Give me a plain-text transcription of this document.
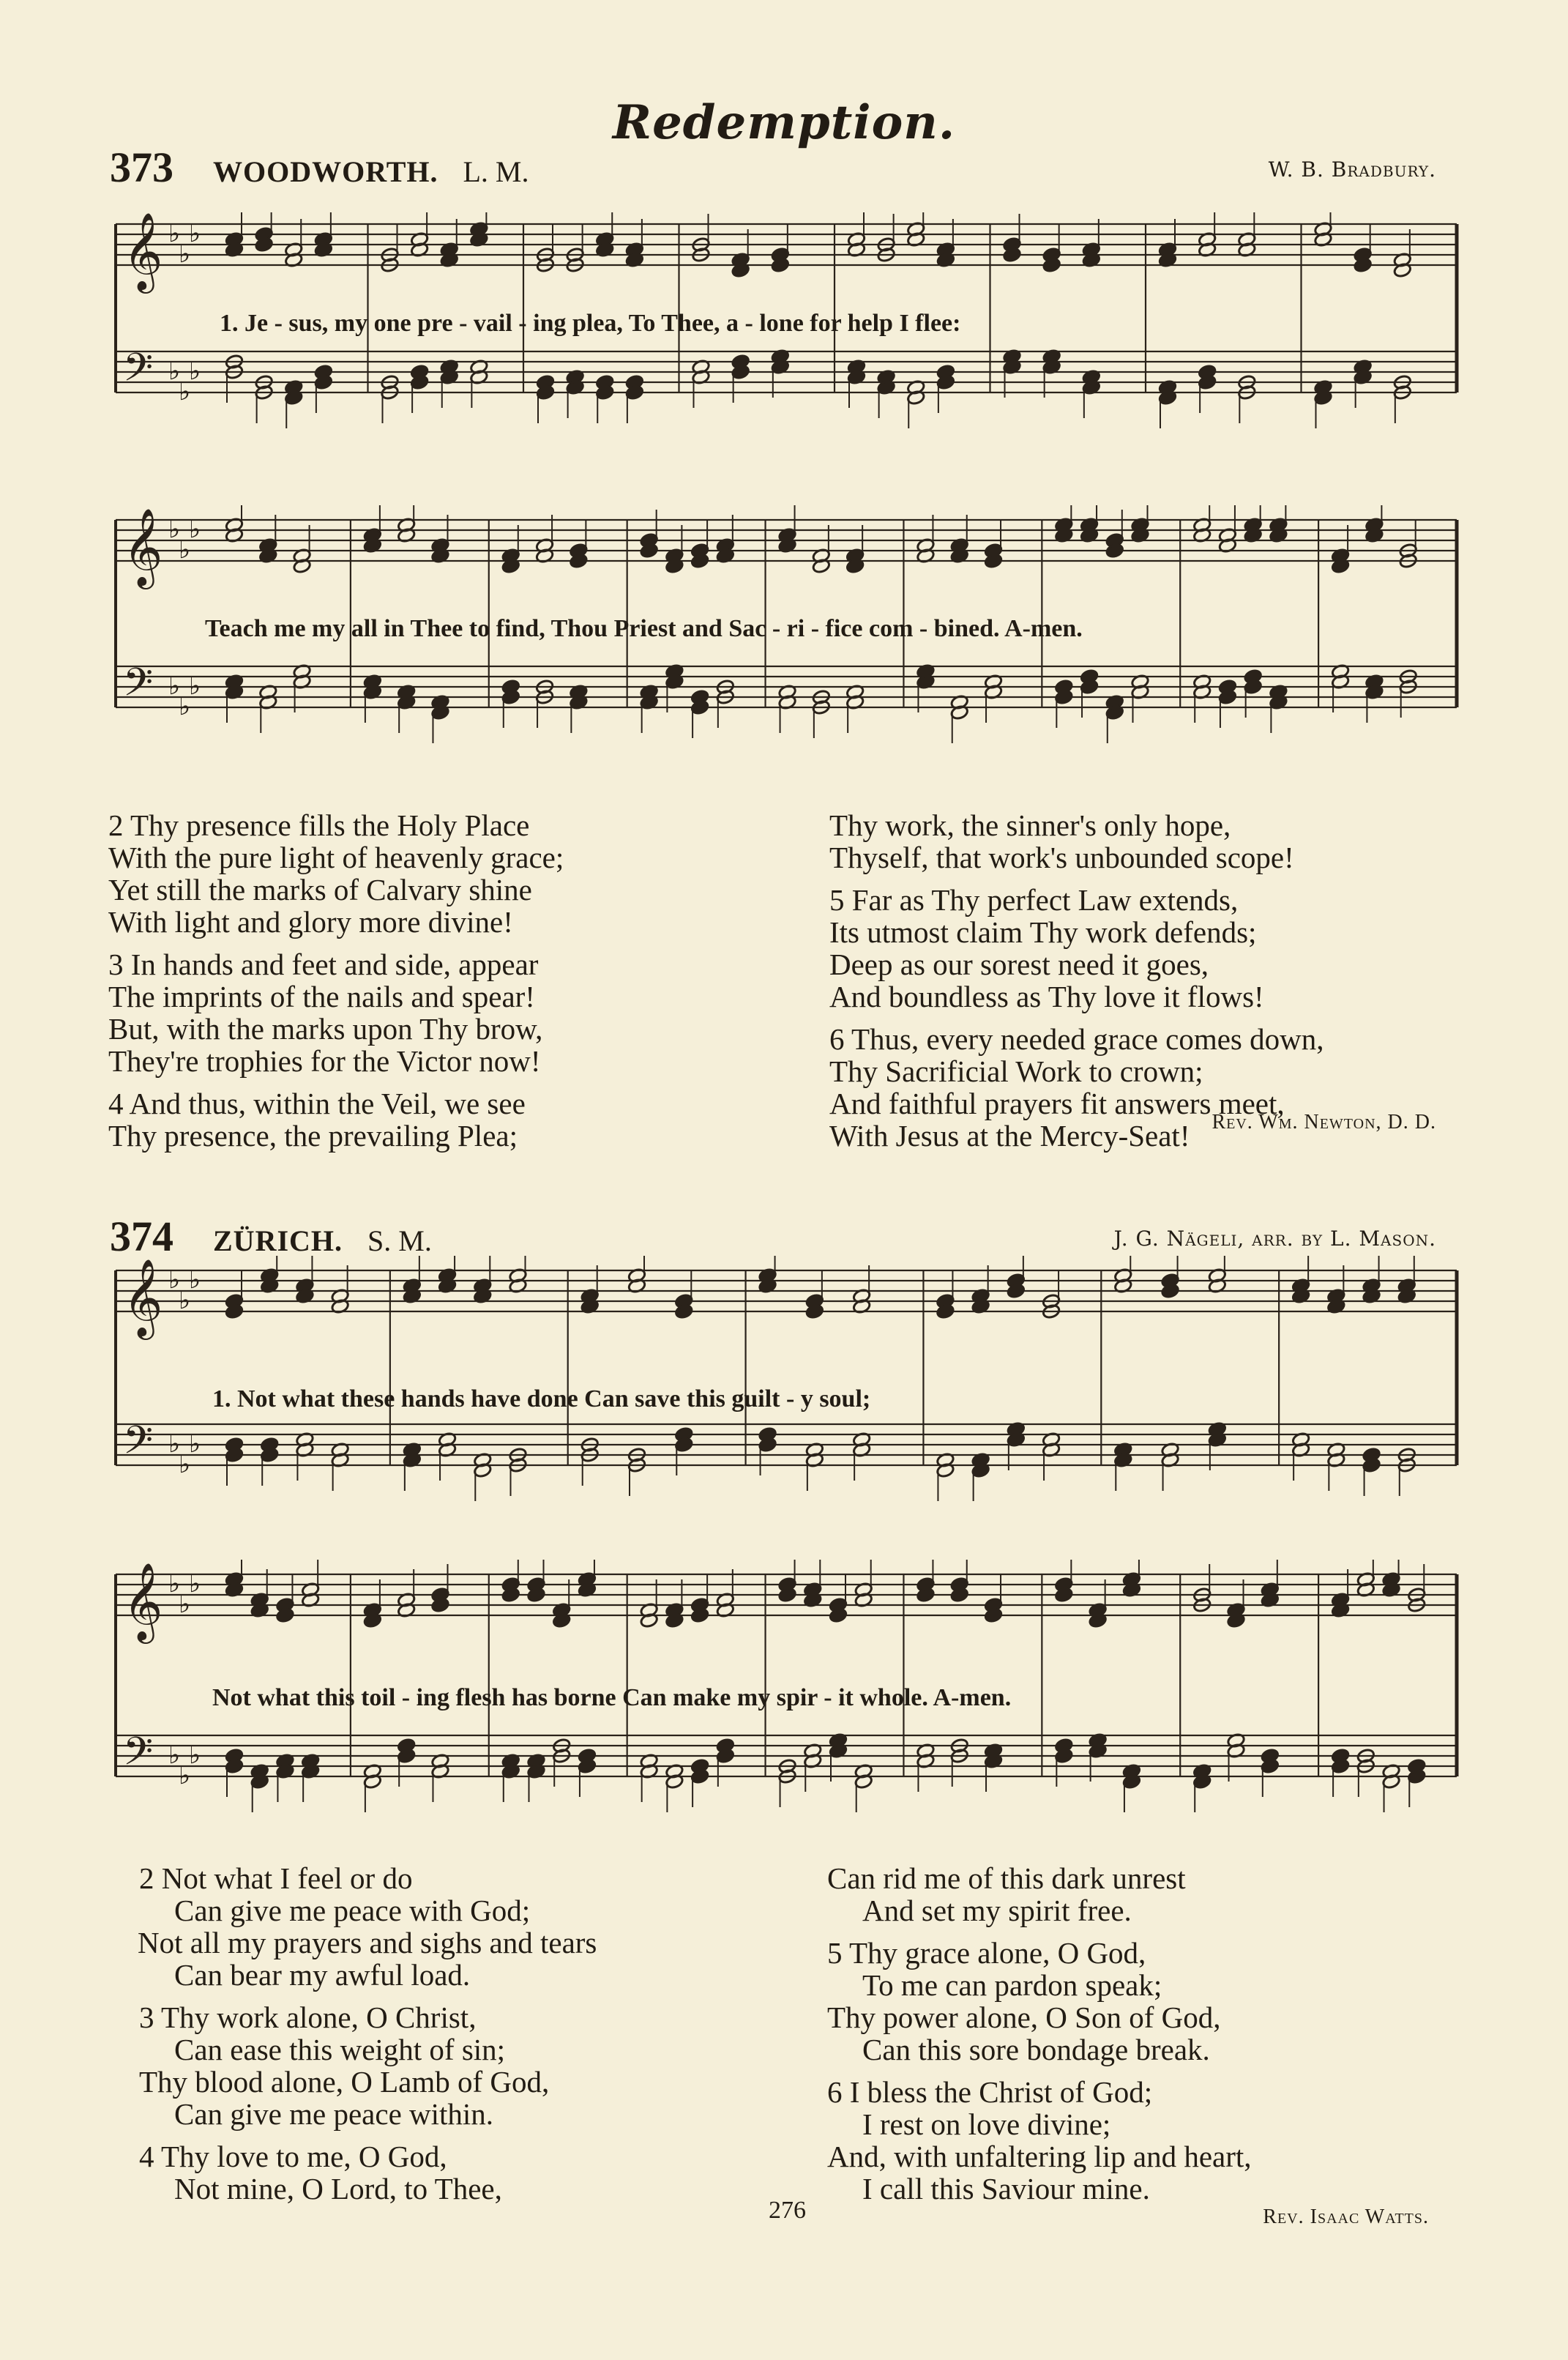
Redemption.
373 WOODWORTH. L. M.	W. B. Bradbury.
𝄞
𝄢
♭
♭
♭
♭
♭
♭
1. Je - sus, my one pre - vail - ing plea, To Thee, a - lone for help I flee:
𝄞
𝄢
♭
♭
♭
♭
♭
♭
Teach me my all in Thee to find, Thou Priest and Sac - ri - fice com - bined. A-men.
2 Thy presence fills the Holy Place
With the pure light of heavenly grace;
Yet still the marks of Calvary shine
With light and glory more divine!
3 In hands and feet and side, appear
The imprints of the nails and spear!
But, with the marks upon Thy brow,
They're trophies for the Victor now!
4 And thus, within the Veil, we see
Thy presence, the prevailing Plea;
Thy work, the sinner's only hope,
Thyself, that work's unbounded scope!
5 Far as Thy perfect Law extends,
Its utmost claim Thy work defends;
Deep as our sorest need it goes,
And boundless as Thy love it flows!
6 Thus, every needed grace comes down,
Thy Sacrificial Work to crown;
And faithful prayers fit answers meet,
With Jesus at the Mercy-Seat!	Rev. Wm. Newton, D. D.
374 ZÜRICH. S. M.	J. G. Nägeli, arr. by L. Mason.
𝄞
𝄢
♭
♭
♭
♭
♭
♭
1. Not what these hands have done Can save this guilt - y soul;
𝄞
𝄢
♭
♭
♭
♭
♭
♭
Not what this toil - ing flesh has borne Can make my spir - it whole. A-men.
2 Not what I feel or do
Can give me peace with God;
Not all my prayers and sighs and tears
Can bear my awful load.
3 Thy work alone, O Christ,
Can ease this weight of sin;
Thy blood alone, O Lamb of God,
Can give me peace within.
4 Thy love to me, O God,
Not mine, O Lord, to Thee,
Can rid me of this dark unrest
And set my spirit free.
5 Thy grace alone, O God,
To me can pardon speak;
Thy power alone, O Son of God,
Can this sore bondage break.
6 I bless the Christ of God;
I rest on love divine;
And, with unfaltering lip and heart,
I call this Saviour mine.
276	Rev. Isaac Watts.
